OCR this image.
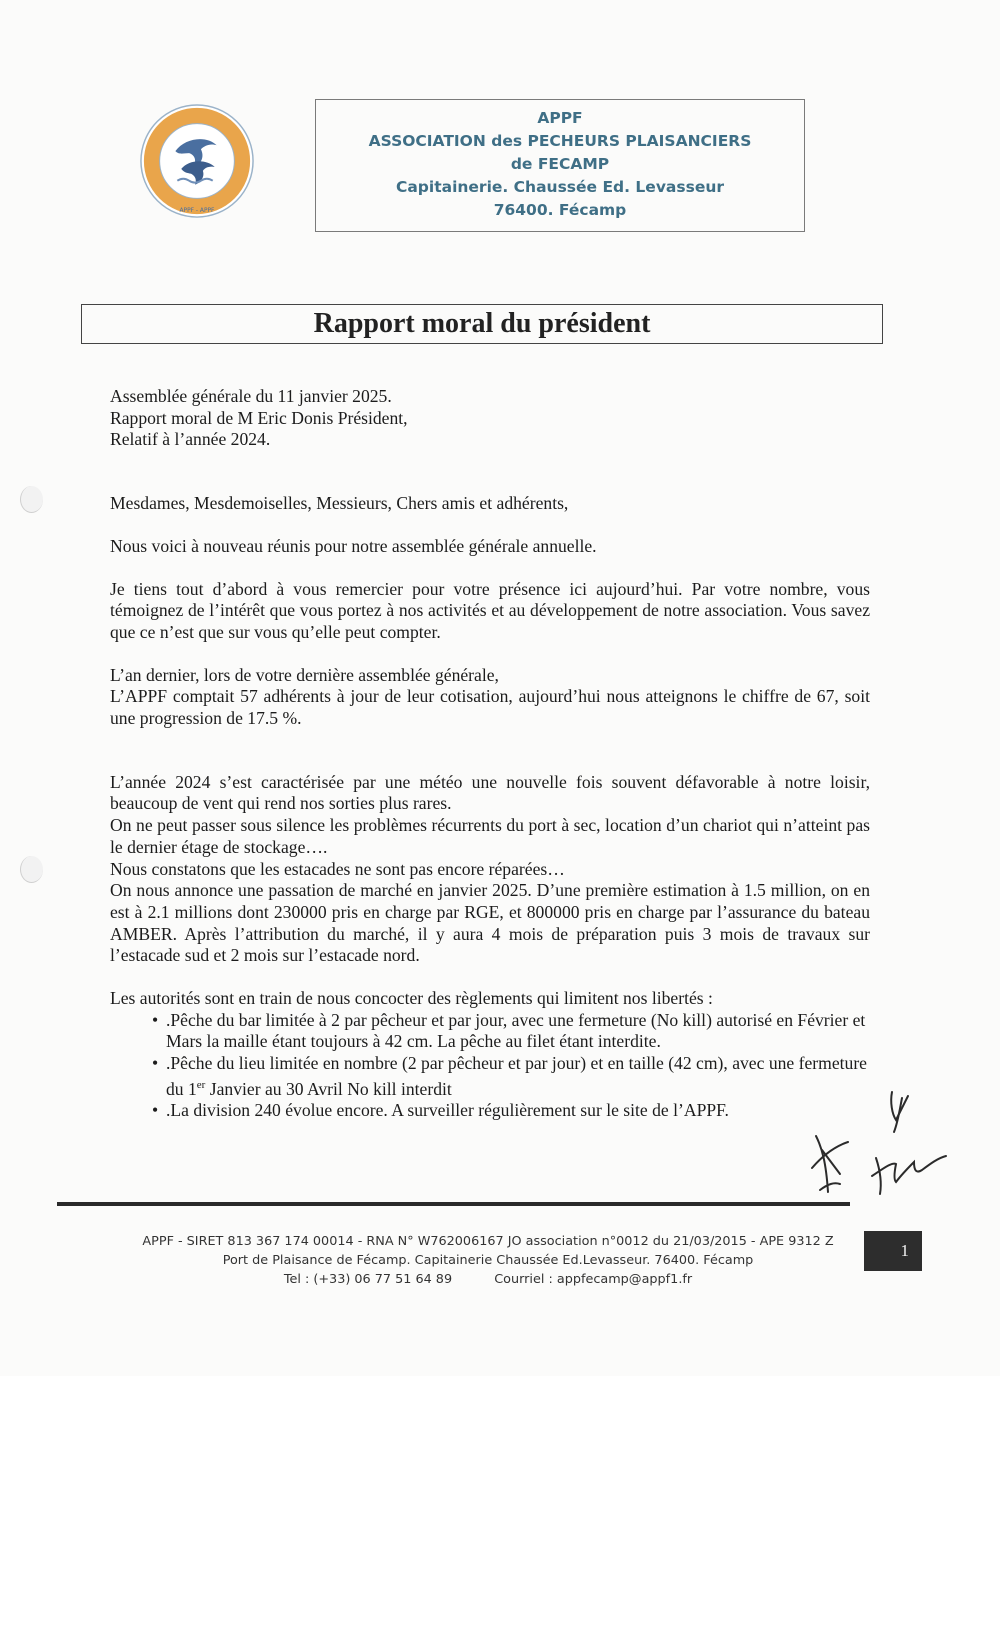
APPF - APPF
APPF
ASSOCIATION des PECHEURS PLAISANCIERS
de FECAMP
Capitainerie. Chaussée Ed. Levasseur
76400. Fécamp
Rapport moral du président

Assemblée générale du 11 janvier 2025.

Rapport moral de M Eric Donis Président,

Relatif à l’année 2024.

Mesdames, Mesdemoiselles, Messieurs, Chers amis et adhérents,

Nous voici à nouveau réunis pour notre assemblée générale annuelle.

Je tiens tout d’abord à vous remercier pour votre présence ici aujourd’hui. Par votre nombre, vous témoignez de l’intérêt que vous portez à nos activités et au développement de notre association. Vous savez que ce n’est que sur vous qu’elle peut compter.

L’an dernier, lors de votre dernière assemblée générale,

L’APPF comptait 57 adhérents à jour de leur cotisation, aujourd’hui nous atteignons le chiffre de 67, soit une progression de 17.5 %.

L’année 2024 s’est caractérisée par une météo une nouvelle fois souvent défavorable à notre loisir, beaucoup de vent qui rend nos sorties plus rares.

On ne peut passer sous silence les problèmes récurrents du port à sec, location d’un chariot qui n’atteint pas le dernier étage de stockage….

Nous constatons que les estacades ne sont pas encore réparées…

On nous annonce une passation de marché en janvier 2025. D’une première estimation à 1.5 million, on en est à 2.1 millions dont 230000 pris en charge par RGE, et 800000 pris en charge par l’assurance du bateau AMBER. Après l’attribution du marché, il y aura 4 mois de préparation puis 3 mois de travaux sur l’estacade sud et 2 mois sur l’estacade nord.

Les autorités sont en train de nous concocter des règlements qui limitent nos libertés :

• .Pêche du bar limitée à 2 par pêcheur et par jour, avec une fermeture (No kill) autorisé en Février et Mars la maille étant toujours à 42 cm. La pêche au filet étant interdite.
• .Pêche du lieu limitée en nombre (2 par pêcheur et par jour) et en taille (42 cm), avec une fermeture du 1er Janvier au 30 Avril No kill interdit
• .La division 240 évolue encore. A surveiller régulièrement sur le site de l’APPF.
APPF - SIRET 813 367 174 00014 - RNA N° W762006167 JO association n°0012 du 21/03/2015 - APE 9312 Z
Port de Plaisance de Fécamp. Capitainerie Chaussée Ed.Levasseur. 76400. Fécamp
Tel : (+33) 06 77 51 64 89	Courriel : appfecamp@appf1.fr
1
